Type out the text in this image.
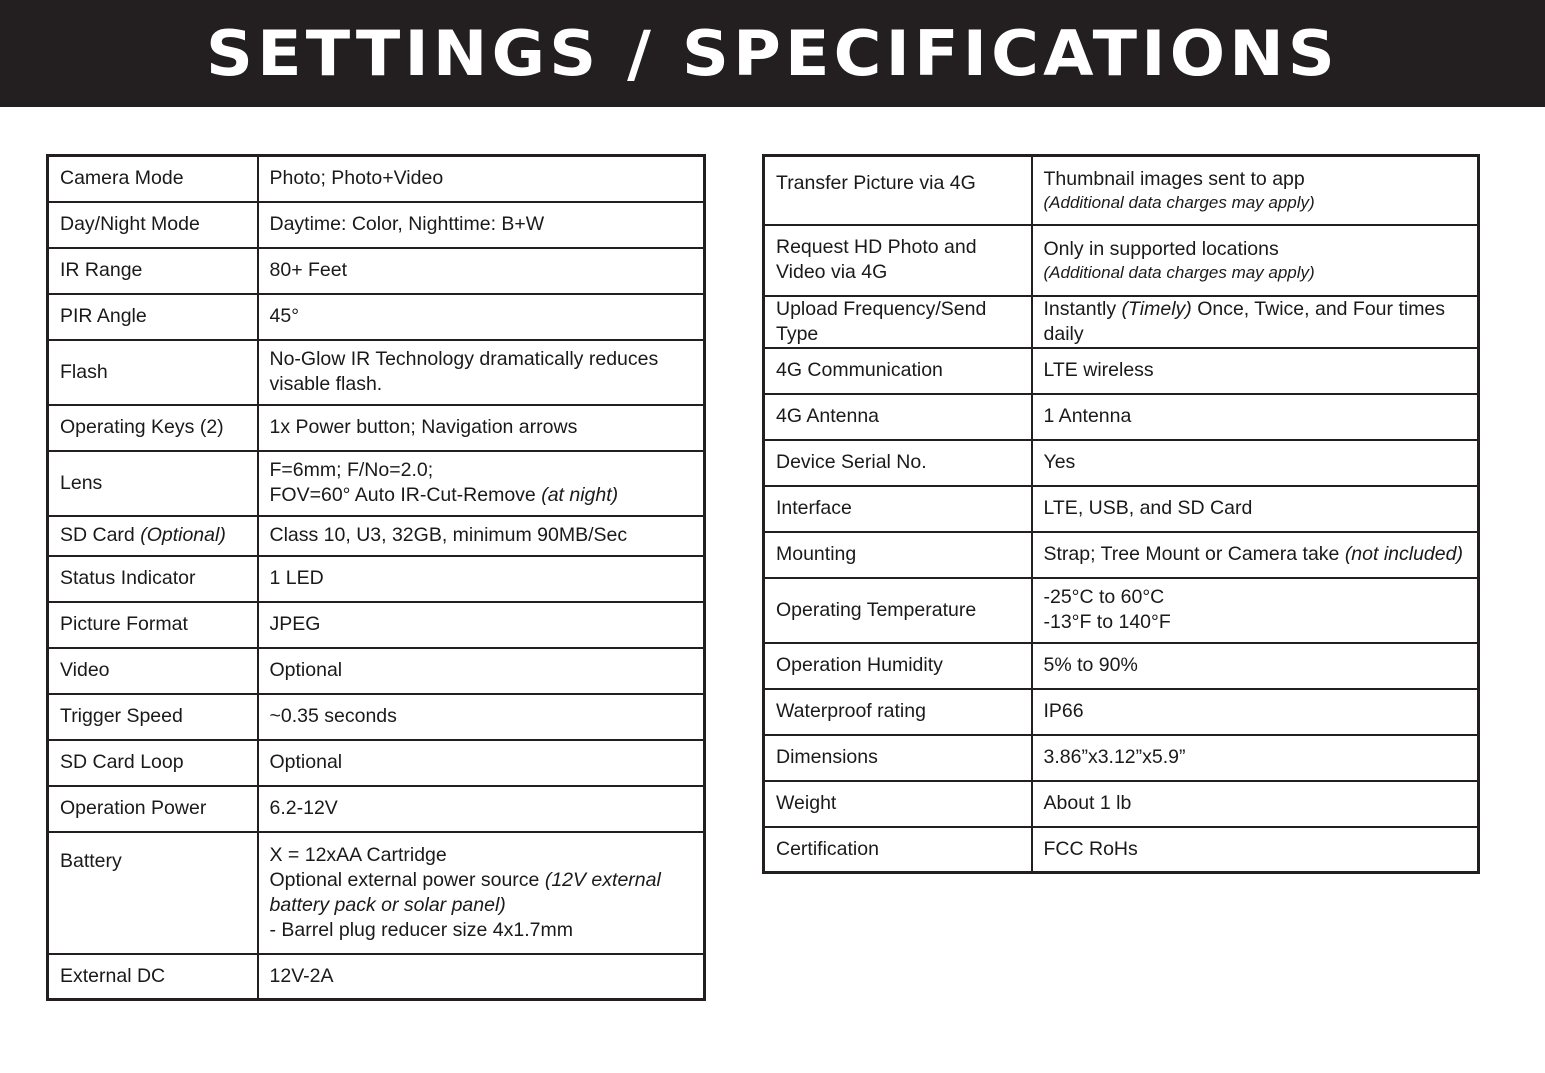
SETTINGS / SPECIFICATIONS
Camera Mode	Photo; Photo+Video
Day/Night Mode	Daytime: Color, Nighttime: B+W
IR Range	80+ Feet
PIR Angle	45°
Flash	No-Glow IR Technology dramatically reduces
visable flash.

Operating Keys (2)	1x Power button; Navigation arrows
Lens	F=6mm; F/No=2.0;
FOV=60° Auto IR-Cut-Remove (at night)

SD Card (Optional)	Class 10, U3, 32GB, minimum 90MB/Sec
Status Indicator	1 LED
Picture Format	JPEG
Video	Optional
Trigger Speed	~0.35 seconds
SD Card Loop	Optional
Operation Power	6.2-12V
Battery	X = 12xAA Cartridge
Optional external power source (12V external
battery pack or solar panel)
- Barrel plug reducer size 4x1.7mm

External DC	12V-2A
Transfer Picture via 4G	Thumbnail images sent to app
(Additional data charges may apply)

Request HD Photo and Video via 4G	Only in supported locations
(Additional data charges may apply)

Upload Frequency/Send Type	Instantly (Timely) Once, Twice, and Four times daily
4G Communication	LTE wireless
4G Antenna	1 Antenna
Device Serial No.	Yes
Interface	LTE, USB, and SD Card
Mounting	Strap; Tree Mount or Camera take (not included)
Operating Temperature	-25°C to 60°C
-13°F to 140°F

Operation Humidity	5% to 90%
Waterproof rating	IP66
Dimensions	3.86”x3.12”x5.9”
Weight	About 1 lb
Certification	FCC RoHs
